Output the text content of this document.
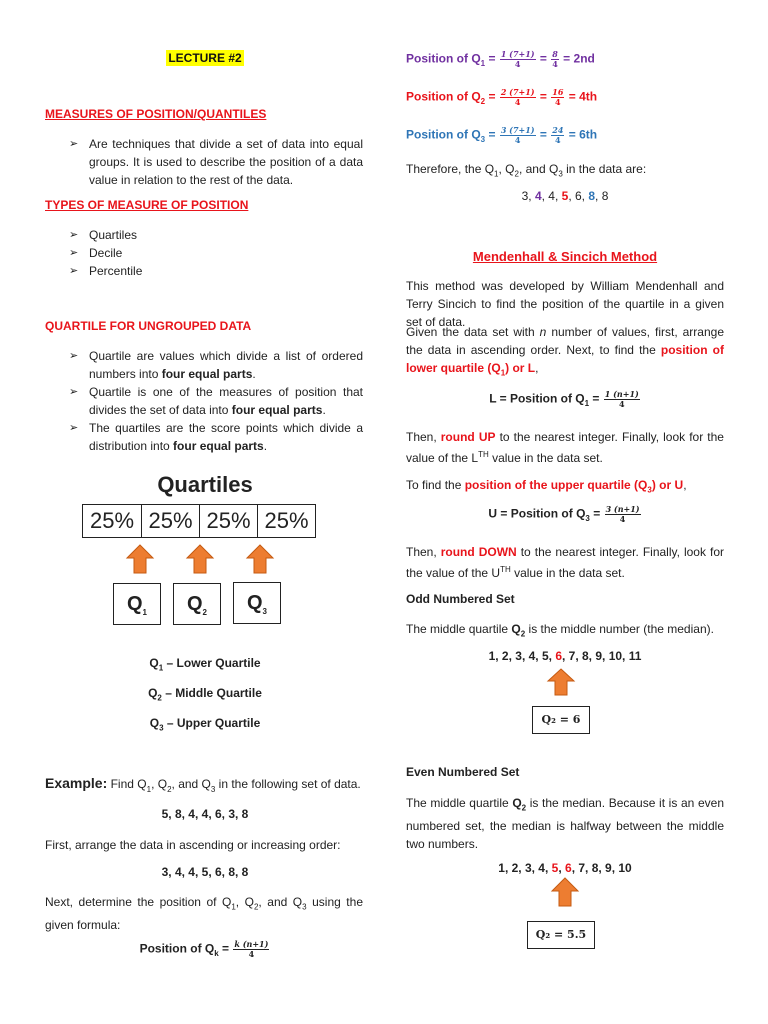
LECTURE #2
MEASURES OF POSITION/QUANTILES
➢ Are techniques that divide a set of data into equal groups. It is used to describe the position of a data value in relation to the rest of the data.
TYPES OF MEASURE OF POSITION
➢ Quartiles
➢ Decile
➢ Percentile
QUARTILE FOR UNGROUPED DATA
➢ Quartile are values which divide a list of ordered numbers into four equal parts.
➢ Quartile is one of the measures of position that divides the set of data into four equal parts.
➢ The quartiles are the score points which divide a distribution into four equal parts.
Quartiles
25% 25% 25% 25%
$Q_1$	$Q_2$	$Q_3$
$Q_1$ – Lower Quartile
$Q_2$ – Middle Quartile
$Q_3$ – Upper Quartile
Example: Find $Q_1$, $Q_2$, and $Q_3$ in the following set of data.
5, 8, 4, 4, 6, 3, 8
First, arrange the data in ascending or increasing order:
3, 4, 4, 5, 6, 8, 8
Next, determine the position of $Q_1$, $Q_2$, and $Q_3$ using the given formula:
Position of $Q_k = \frac{k (n+1)}{4}$
Position of $Q_1 = \frac{1 (7+1)}{4} = \frac{8}{4} = 2nd$
Position of $Q_2 = \frac{2 (7+1)}{4} = \frac{16}{4} = 4th$
Position of $Q_3 = \frac{3 (7+1)}{4} = \frac{24}{4} = 6th$
Therefore, the $Q_1$, $Q_2$, and $Q_3$ in the data are:
3, 4, 4, 5, 6, 8, 8
Mendenhall & Sincich Method
This method was developed by William Mendenhall and Terry Sincich to find the position of the quartile in a given set of data.
Given the data set with n number of values, first, arrange the data in ascending order. Next, to find the position of lower quartile $(Q_1)$ or L,
L = Position of $Q_1 = \frac{1 (n+1)}{4}$
Then, round UP to the nearest integer. Finally, look for the value of the LTH value in the data set.
To find the position of the upper quartile $(Q_3)$ or U,
U = Position of $Q_3 = \frac{3 (n+1)}{4}$
Then, round DOWN to the nearest integer. Finally, look for the value of the $U^{TH}$ value in the data set.
Odd Numbered Set
The middle quartile $Q_2$ is the middle number (the median).
1, 2, 3, 4, 5, 6, 7, 8, 9, 10, 11
Q₂ = 6
Even Numbered Set
The middle quartile $Q_2$ is the median. Because it is an even numbered set, the median is halfway between the middle two numbers.
1, 2, 3, 4, 5, 6, 7, 8, 9, 10
Q₂ = 5.5
